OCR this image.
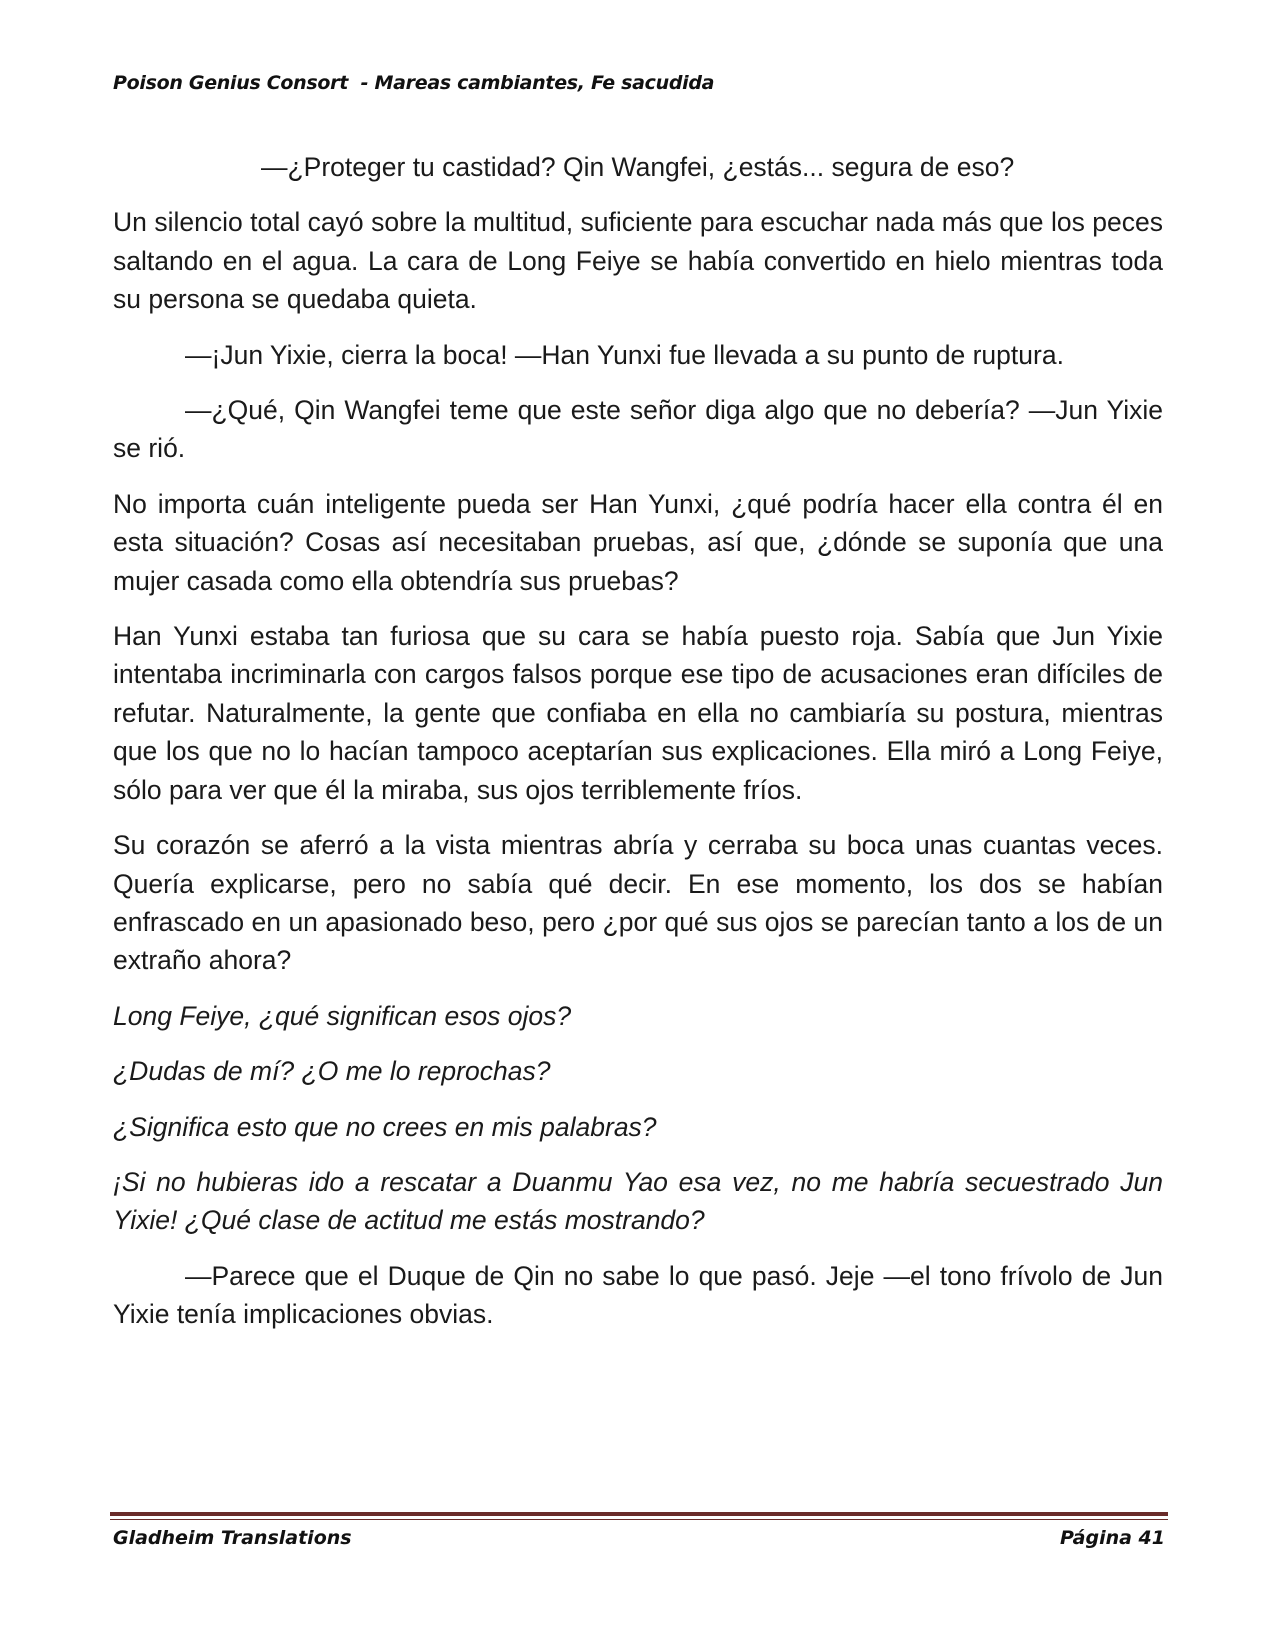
Poison Genius Consort  - Mareas cambiantes, Fe sacudida

—¿Proteger tu castidad? Qin Wangfei, ¿estás... segura de eso?

Un silencio total cayó sobre la multitud, suficiente para escuchar nada más que los peces saltando en el agua. La cara de Long Feiye se había convertido en hielo mientras toda su persona se quedaba quieta.

—¡Jun Yixie, cierra la boca! —Han Yunxi fue llevada a su punto de ruptura.

—¿Qué, Qin Wangfei teme que este señor diga algo que no debería? —Jun Yixie se rió.

No importa cuán inteligente pueda ser Han Yunxi, ¿qué podría hacer ella contra él en esta situación? Cosas así necesitaban pruebas, así que, ¿dónde se suponía que una mujer casada como ella obtendría sus pruebas?

Han Yunxi estaba tan furiosa que su cara se había puesto roja. Sabía que Jun Yixie intentaba incriminarla con cargos falsos porque ese tipo de acusaciones eran difíciles de refutar. Naturalmente, la gente que confiaba en ella no cambiaría su postura, mientras que los que no lo hacían tampoco aceptarían sus explicaciones. Ella miró a Long Feiye, sólo para ver que él la miraba, sus ojos terriblemente fríos.

Su corazón se aferró a la vista mientras abría y cerraba su boca unas cuantas veces. Quería explicarse, pero no sabía qué decir. En ese momento, los dos se habían enfrascado en un apasionado beso, pero ¿por qué sus ojos se parecían tanto a los de un extraño ahora?

Long Feiye, ¿qué significan esos ojos?

¿Dudas de mí? ¿O me lo reprochas?

¿Significa esto que no crees en mis palabras?

¡Si no hubieras ido a rescatar a Duanmu Yao esa vez, no me habría secuestrado Jun Yixie! ¿Qué clase de actitud me estás mostrando?

—Parece que el Duque de Qin no sabe lo que pasó. Jeje —el tono frívolo de Jun Yixie tenía implicaciones obvias.

Gladheim Translations	Página 41
